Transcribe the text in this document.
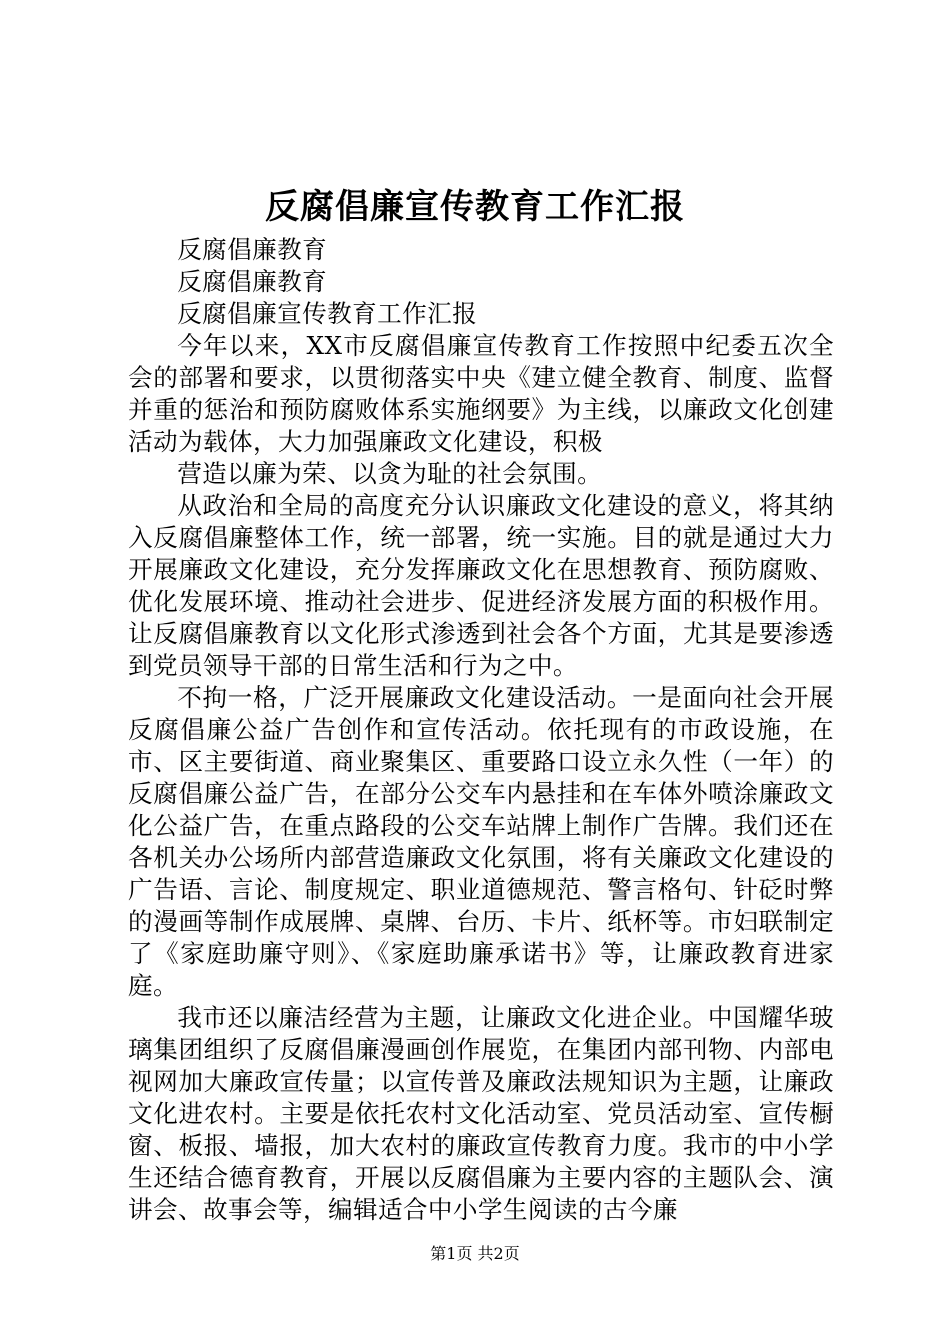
反腐倡廉宣传教育工作汇报

反腐倡廉教育

反腐倡廉教育

反腐倡廉宣传教育工作汇报

今年以来，XX市反腐倡廉宣传教育工作按照中纪委五次全会的部署和要求，以贯彻落实中央《建立健全教育、制度、监督并重的惩治和预防腐败体系实施纲要》为主线，以廉政文化创建活动为载体，大力加强廉政文化建设，积极

营造以廉为荣、以贪为耻的社会氛围。

从政治和全局的高度充分认识廉政文化建设的意义，将其纳入反腐倡廉整体工作，统一部署，统一实施。目的就是通过大力开展廉政文化建设，充分发挥廉政文化在思想教育、预防腐败、优化发展环境、推动社会进步、促进经济发展方面的积极作用。让反腐倡廉教育以文化形式渗透到社会各个方面，尤其是要渗透到党员领导干部的日常生活和行为之中。

不拘一格，广泛开展廉政文化建设活动。一是面向社会开展反腐倡廉公益广告创作和宣传活动。依托现有的市政设施，在市、区主要街道、商业聚集区、重要路口设立永久性（一年）的反腐倡廉公益广告，在部分公交车内悬挂和在车体外喷涂廉政文化公益广告，在重点路段的公交车站牌上制作广告牌。我们还在各机关办公场所内部营造廉政文化氛围，将有关廉政文化建设的广告语、言论、制度规定、职业道德规范、警言格句、针砭时弊的漫画等制作成展牌、桌牌、台历、卡片、纸杯等。市妇联制定了《家庭助廉守则》、《家庭助廉承诺书》等，让廉政教育进家庭。

我市还以廉洁经营为主题，让廉政文化进企业。中国耀华玻璃集团组织了反腐倡廉漫画创作展览，在集团内部刊物、内部电视网加大廉政宣传量；以宣传普及廉政法规知识为主题，让廉政文化进农村。主要是依托农村文化活动室、党员活动室、宣传橱窗、板报、墙报，加大农村的廉政宣传教育力度。我市的中小学生还结合德育教育，开展以反腐倡廉为主要内容的主题队会、演讲会、故事会等，编辑适合中小学生阅读的古今廉

第1页 共2页
